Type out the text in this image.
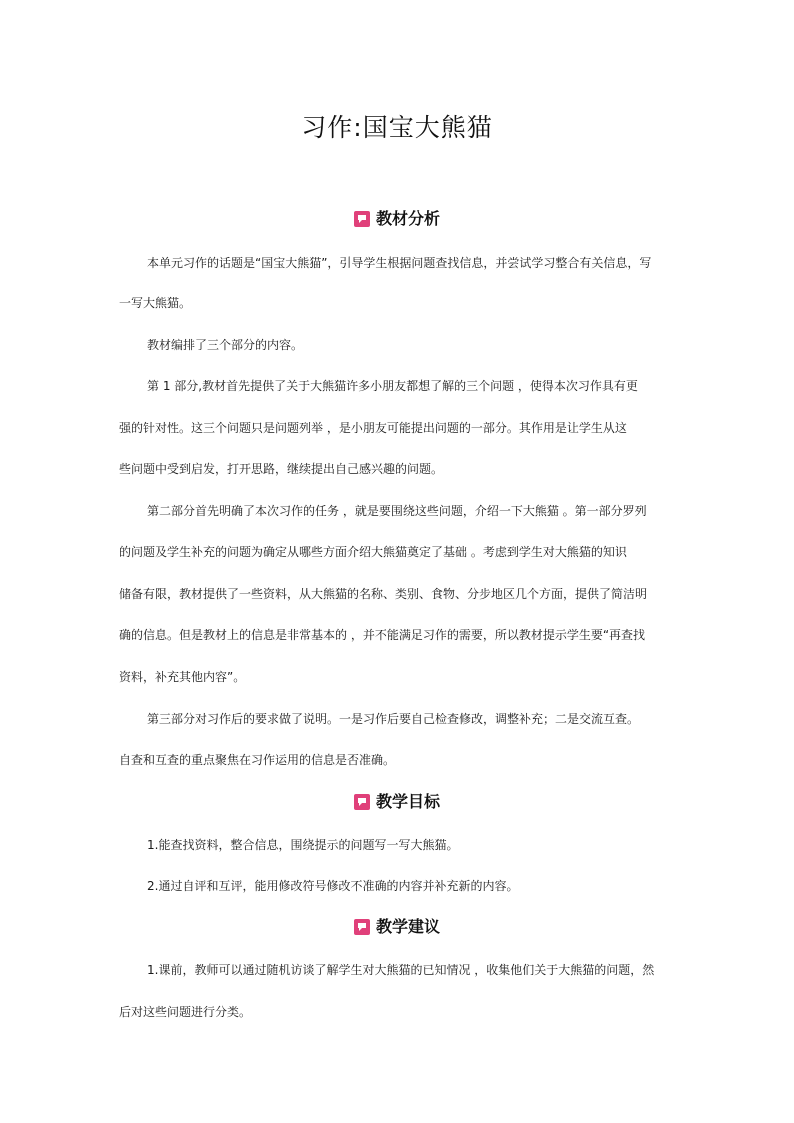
习作:国宝大熊猫
教材分析
本单元习作的话题是“国宝大熊猫”，引导学生根据问题查找信息，并尝试学习整合有关信息，写
一写大熊猫。
教材编排了三个部分的内容。
第 1 部分,教材首先提供了关于大熊猫许多小朋友都想了解的三个问题 ，使得本次习作具有更
强的针对性。这三个问题只是问题列举 ，是小朋友可能提出问题的一部分。其作用是让学生从这
些问题中受到启发，打开思路，继续提出自己感兴趣的问题。
第二部分首先明确了本次习作的任务 ，就是要围绕这些问题，介绍一下大熊猫 。第一部分罗列
的问题及学生补充的问题为确定从哪些方面介绍大熊猫奠定了基础 。考虑到学生对大熊猫的知识
储备有限，教材提供了一些资料，从大熊猫的名称、类别、食物、分步地区几个方面，提供了简洁明
确的信息。但是教材上的信息是非常基本的 ，并不能满足习作的需要，所以教材提示学生要“再查找
资料，补充其他内容”。
第三部分对习作后的要求做了说明。一是习作后要自己检查修改，调整补充；二是交流互查。
自查和互查的重点聚焦在习作运用的信息是否准确。
教学目标
1.能查找资料，整合信息，围绕提示的问题写一写大熊猫。
2.通过自评和互评，能用修改符号修改不准确的内容并补充新的内容。
教学建议
1.课前，教师可以通过随机访谈了解学生对大熊猫的已知情况 ，收集他们关于大熊猫的问题，然
后对这些问题进行分类。
